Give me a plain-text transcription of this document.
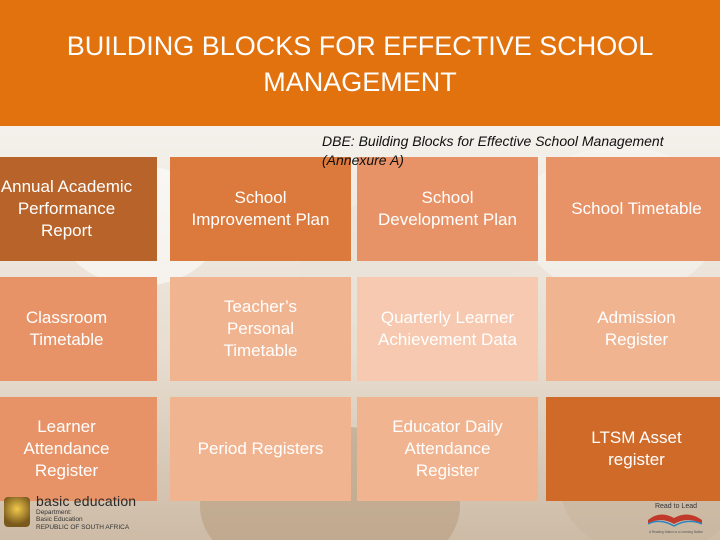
BUILDING BLOCKS FOR EFFECTIVE SCHOOL
MANAGEMENT
DBE: Building Blocks for Effective School Management
(Annexure A)
Annual Academic
Performance
Report
School
Improvement Plan
School
Development Plan
School Timetable
Classroom
Timetable
Teacher’s
Personal
Timetable
Quarterly Learner
Achievement Data
Admission
Register
Learner
Attendance
Register
Period Registers
Educator Daily
Attendance
Register
LTSM Asset
register
basic education
Department:
Basic Education
REPUBLIC OF SOUTH AFRICA
Read to Lead
A Reading Nation is a Learning Nation
